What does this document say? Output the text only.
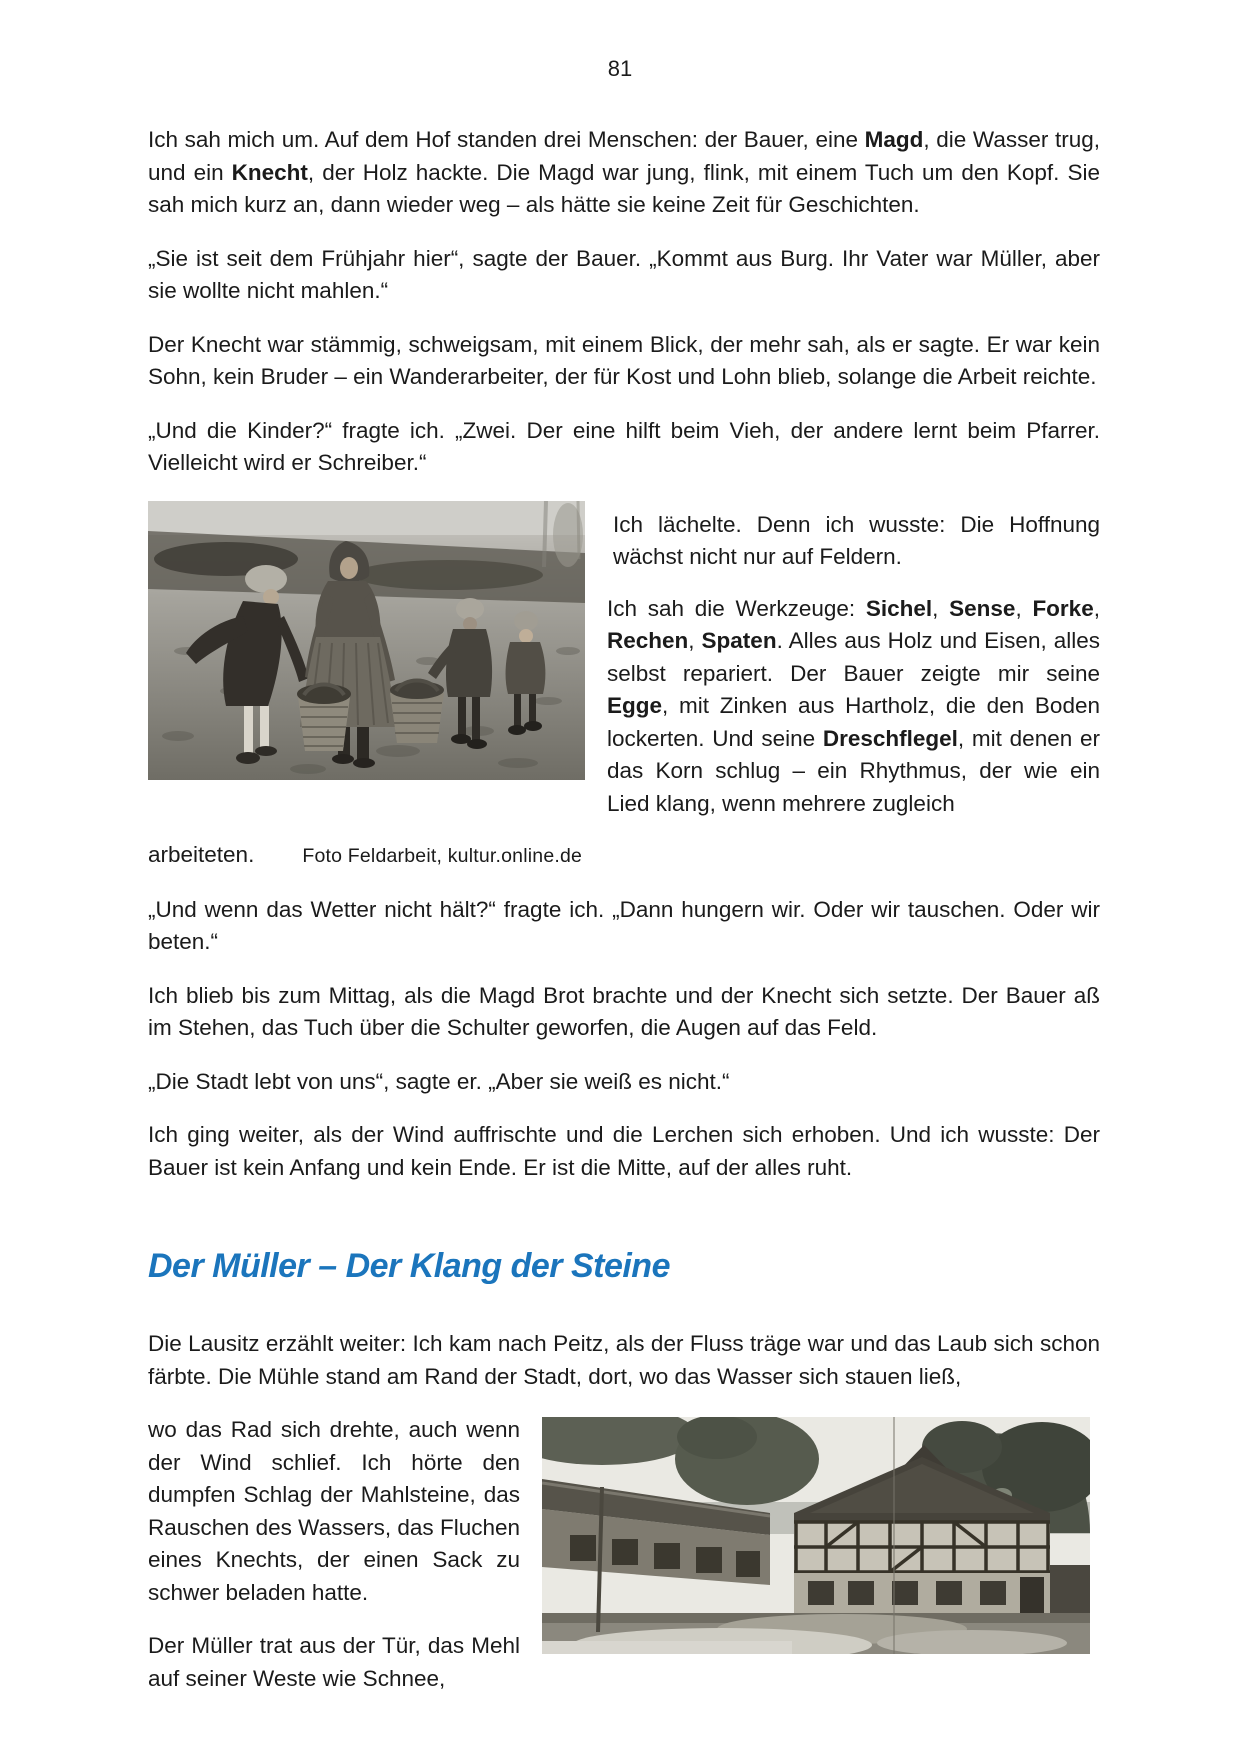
81

Ich sah mich um. Auf dem Hof standen drei Menschen: der Bauer, eine Magd, die Wasser trug, und ein Knecht, der Holz hackte. Die Magd war jung, flink, mit einem Tuch um den Kopf. Sie sah mich kurz an, dann wieder weg – als hätte sie keine Zeit für Geschichten.

„Sie ist seit dem Frühjahr hier“, sagte der Bauer. „Kommt aus Burg. Ihr Vater war Müller, aber sie wollte nicht mahlen.“

Der Knecht war stämmig, schweigsam, mit einem Blick, der mehr sah, als er sagte. Er war kein Sohn, kein Bruder – ein Wanderarbeiter, der für Kost und Lohn blieb, solange die Arbeit reichte.

„Und die Kinder?“ fragte ich. „Zwei. Der eine hilft beim Vieh, der andere lernt beim Pfarrer. Vielleicht wird er Schreiber.“

Ich lächelte. Denn ich wusste: Die Hoffnung wächst nicht nur auf Feldern.

Ich sah die Werkzeuge: Sichel, Sense, Forke, Rechen, Spaten. Alles aus Holz und Eisen, alles selbst repariert. Der Bauer zeigte mir seine Egge, mit Zinken aus Hartholz, die den Boden lockerten. Und seine Dreschflegel, mit denen er das Korn schlug – ein Rhythmus, der wie ein Lied klang, wenn mehrere zugleich

arbeiteten. Foto Feldarbeit, kultur.online.de

„Und wenn das Wetter nicht hält?“ fragte ich. „Dann hungern wir. Oder wir tauschen. Oder wir beten.“

Ich blieb bis zum Mittag, als die Magd Brot brachte und der Knecht sich setzte. Der Bauer aß im Stehen, das Tuch über die Schulter geworfen, die Augen auf das Feld.

„Die Stadt lebt von uns“, sagte er. „Aber sie weiß es nicht.“

Ich ging weiter, als der Wind auffrischte und die Lerchen sich erhoben. Und ich wusste: Der Bauer ist kein Anfang und kein Ende. Er ist die Mitte, auf der alles ruht.

Der Müller – Der Klang der Steine

Die Lausitz erzählt weiter: Ich kam nach Peitz, als der Fluss träge war und das Laub sich schon färbte. Die Mühle stand am Rand der Stadt, dort, wo das Wasser sich stauen ließ,

wo das Rad sich drehte, auch wenn der Wind schlief. Ich hörte den dumpfen Schlag der Mahlsteine, das Rauschen des Wassers, das Fluchen eines Knechts, der einen Sack zu schwer beladen hatte.

Der Müller trat aus der Tür, das Mehl auf seiner Weste wie Schnee,
